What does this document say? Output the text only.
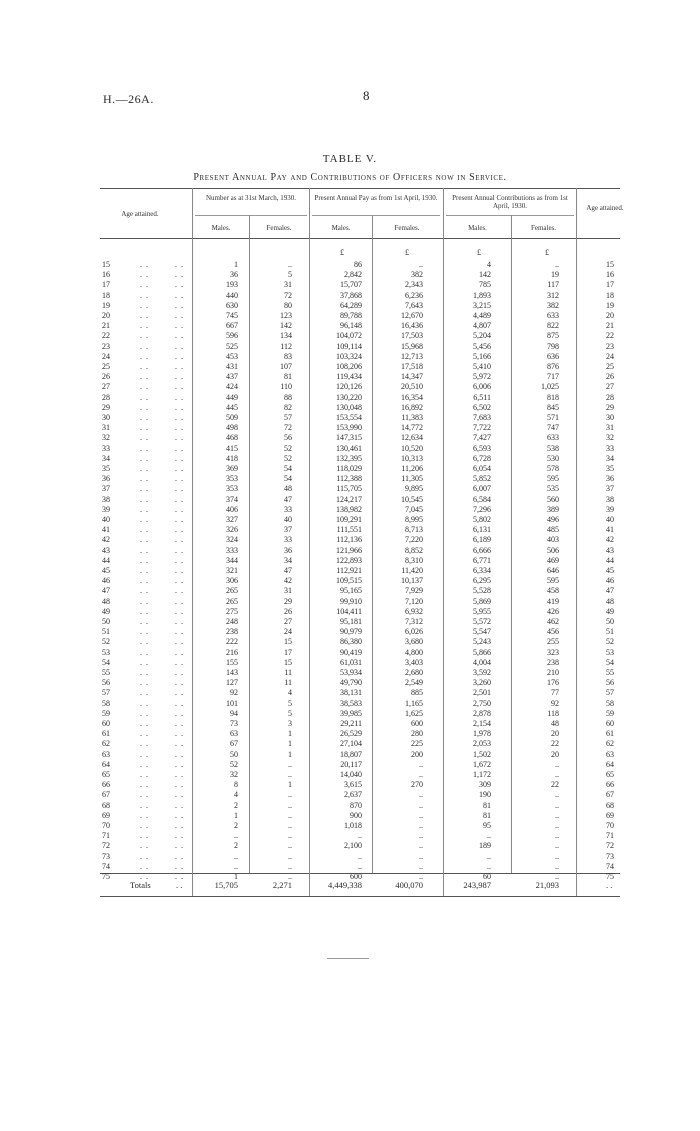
H.—26A.	8
TABLE V.
Present Annual Pay and Contributions of Officers now in Service.
Age attained.
Number as at 31st March, 1930.	Present Annual Pay as from 1st April, 1930.	Present Annual Contributions as from 1st April, 1930.	Age attained.
Males.	Females.	Males.	Females.	Males.	Females.
£	£	£	£
15	. .	. .	1	..	86	..	4	..	15
16	. .	. .	36	5	2,842	382	142	19	16
17	. .	. .	193	31	15,707	2,343	785	117	17
18	. .	. .	440	72	37,868	6,236	1,893	312	18
19	. .	. .	630	80	64,289	7,643	3,215	382	19
20	. .	. .	745	123	89,788	12,670	4,489	633	20
21	. .	. .	667	142	96,148	16,436	4,807	822	21
22	. .	. .	596	134	104,072	17,503	5,204	875	22
23	. .	. .	525	112	109,114	15,968	5,456	798	23
24	. .	. .	453	83	103,324	12,713	5,166	636	24
25	. .	. .	431	107	108,206	17,518	5,410	876	25
26	. .	. .	437	81	119,434	14,347	5,972	717	26
27	. .	. .	424	110	120,126	20,510	6,006	1,025	27
28	. .	. .	449	88	130,220	16,354	6,511	818	28
29	. .	. .	445	82	130,048	16,892	6,502	845	29
30	. .	. .	509	57	153,554	11,383	7,683	571	30
31	. .	. .	498	72	153,990	14,772	7,722	747	31
32	. .	. .	468	56	147,315	12,634	7,427	633	32
33	. .	. .	415	52	130,461	10,520	6,593	538	33
34	. .	. .	418	52	132,395	10,313	6,728	530	34
35	. .	. .	369	54	118,029	11,206	6,054	578	35
36	. .	. .	353	54	112,388	11,305	5,852	595	36
37	. .	. .	353	48	115,705	9,895	6,007	535	37
38	. .	. .	374	47	124,217	10,545	6,584	560	38
39	. .	. .	406	33	138,982	7,045	7,296	389	39
40	. .	. .	327	40	109,291	8,995	5,802	496	40
41	. .	. .	326	37	111,551	8,713	6,131	485	41
42	. .	. .	324	33	112,136	7,220	6,189	403	42
43	. .	. .	333	36	121,966	8,852	6,666	506	43
44	. .	. .	344	34	122,893	8,310	6,771	469	44
45	. .	. .	321	47	112,921	11,420	6,334	646	45
46	. .	. .	306	42	109,515	10,137	6,295	595	46
47	. .	. .	265	31	95,165	7,929	5,528	458	47
48	. .	. .	265	29	99,910	7,120	5,869	419	48
49	. .	. .	275	26	104,411	6,932	5,955	426	49
50	. .	. .	248	27	95,181	7,312	5,572	462	50
51	. .	. .	238	24	90,979	6,026	5,547	456	51
52	. .	. .	222	15	86,380	3,680	5,243	255	52
53	. .	. .	216	17	90,419	4,800	5,866	323	53
54	. .	. .	155	15	61,031	3,403	4,004	238	54
55	. .	. .	143	11	53,934	2,680	3,592	210	55
56	. .	. .	127	11	49,790	2,549	3,260	176	56
57	. .	. .	92	4	38,131	885	2,501	77	57
58	. .	. .	101	5	38,583	1,165	2,750	92	58
59	. .	. .	94	5	39,985	1,625	2,878	118	59
60	. .	. .	73	3	29,211	600	2,154	48	60
61	. .	. .	63	1	26,529	280	1,978	20	61
62	. .	. .	67	1	27,104	225	2,053	22	62
63	. .	. .	50	1	18,807	200	1,502	20	63
64	. .	. .	52	..	20,117	..	1,672	..	64
65	. .	. .	32	..	14,040	..	1,172	..	65
66	. .	. .	8	1	3,615	270	309	22	66
67	. .	. .	4	..	2,637	..	190	..	67
68	. .	. .	2	..	870	..	81	..	68
69	. .	. .	1	..	900	..	81	..	69
70	. .	. .	2	..	1,018	..	95	..	70
71	. .	. .	..	..	..	..	..	..	71
72	. .	. .	2	..	2,100	..	189	..	72
73	. .	. .	..	..	..	..	..	..	73
74	. .	. .	..	..	..	..	..	..	74
75	. .	. .	1	..	600	..	60	..	75
Totals	. .	15,705	2,271	4,449,338	400,070	243,987	21,093	. .
